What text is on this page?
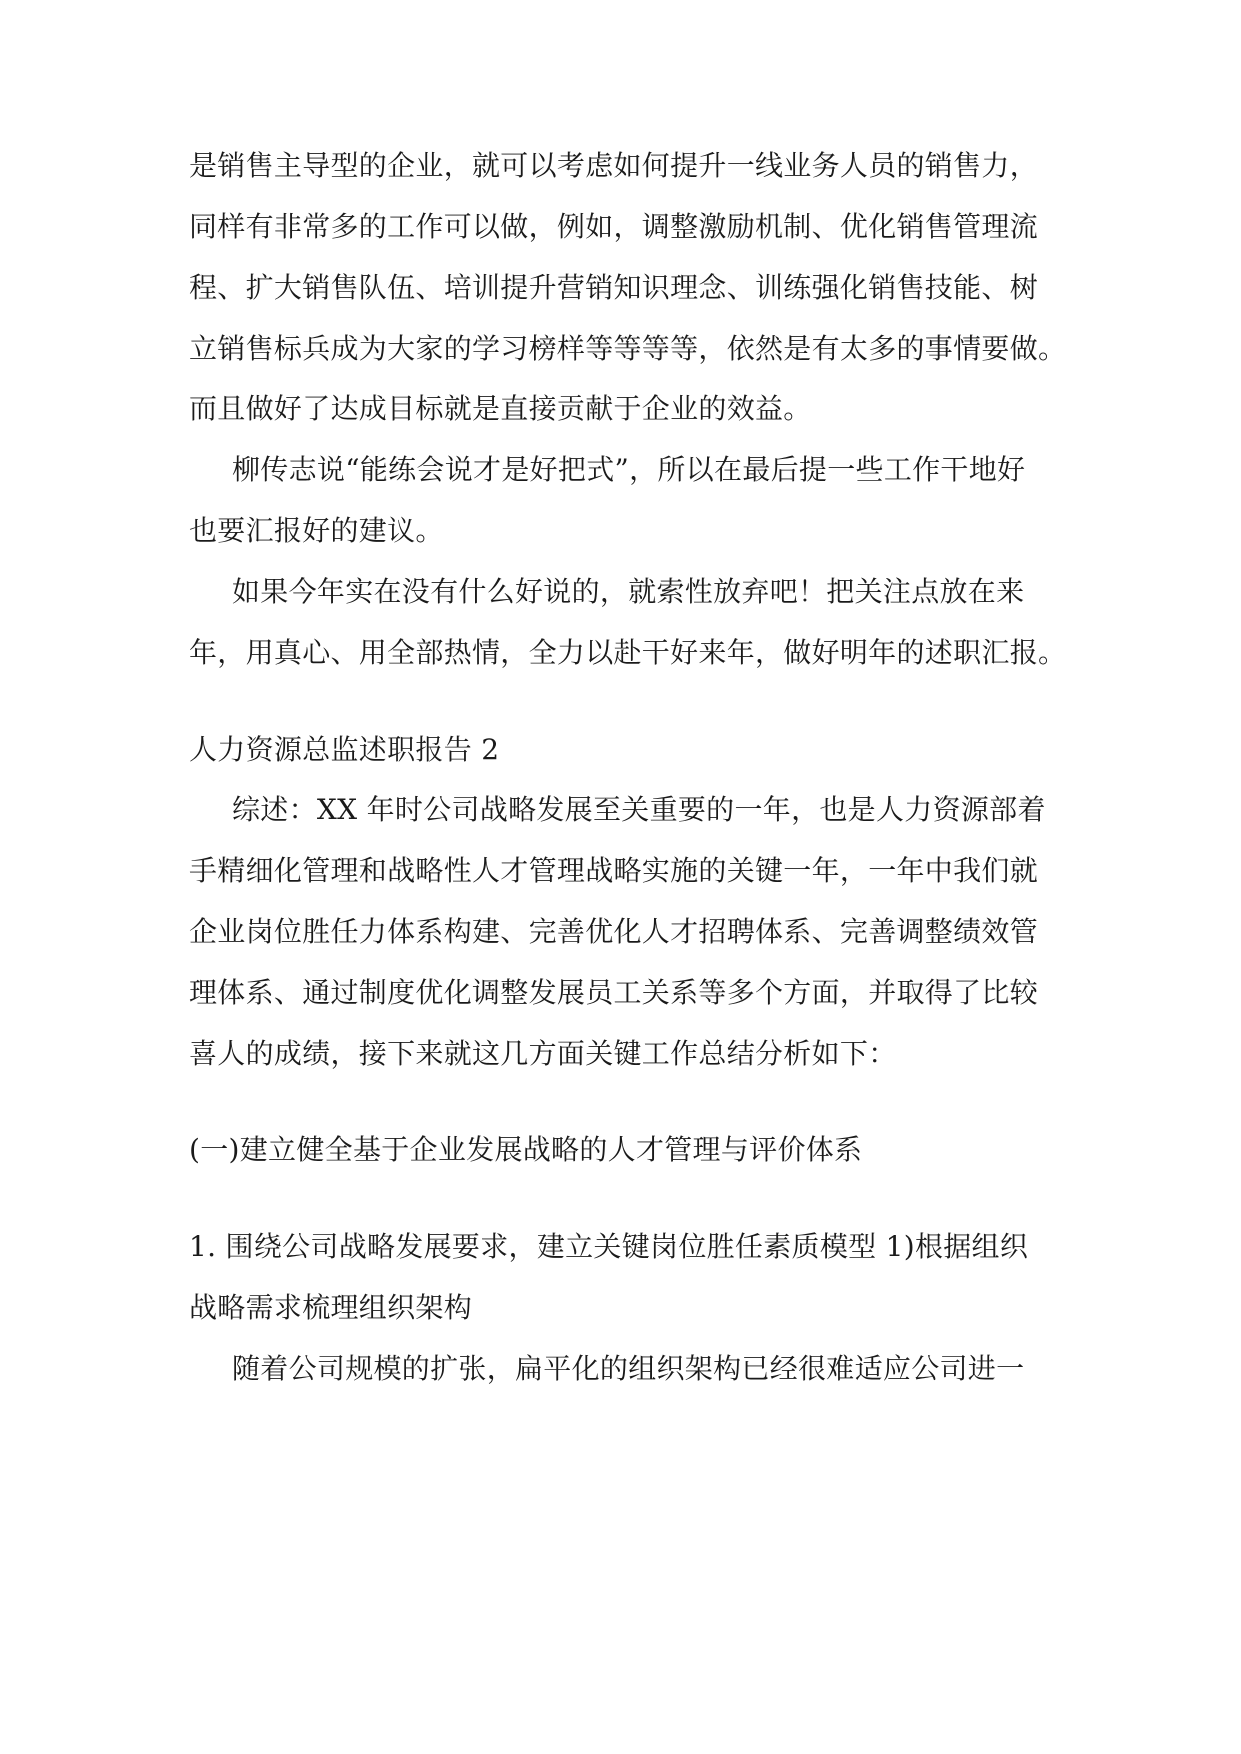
是销售主导型的企业，就可以考虑如何提升一线业务人员的销售力，
同样有非常多的工作可以做，例如，调整激励机制、优化销售管理流
程、扩大销售队伍、培训提升营销知识理念、训练强化销售技能、树
立销售标兵成为大家的学习榜样等等等等，依然是有太多的事情要做。
而且做好了达成目标就是直接贡献于企业的效益。
柳传志说“能练会说才是好把式”，所以在最后提一些工作干地好
也要汇报好的建议。
如果今年实在没有什么好说的，就索性放弃吧！把关注点放在来
年，用真心、用全部热情，全力以赴干好来年，做好明年的述职汇报。
人力资源总监述职报告 2
综述：XX 年时公司战略发展至关重要的一年，也是人力资源部着
手精细化管理和战略性人才管理战略实施的关键一年，一年中我们就
企业岗位胜任力体系构建、完善优化人才招聘体系、完善调整绩效管
理体系、通过制度优化调整发展员工关系等多个方面，并取得了比较
喜人的成绩，接下来就这几方面关键工作总结分析如下：
(一)建立健全基于企业发展战略的人才管理与评价体系
1. 围绕公司战略发展要求，建立关键岗位胜任素质模型 1)根据组织
战略需求梳理组织架构
随着公司规模的扩张，扁平化的组织架构已经很难适应公司进一
